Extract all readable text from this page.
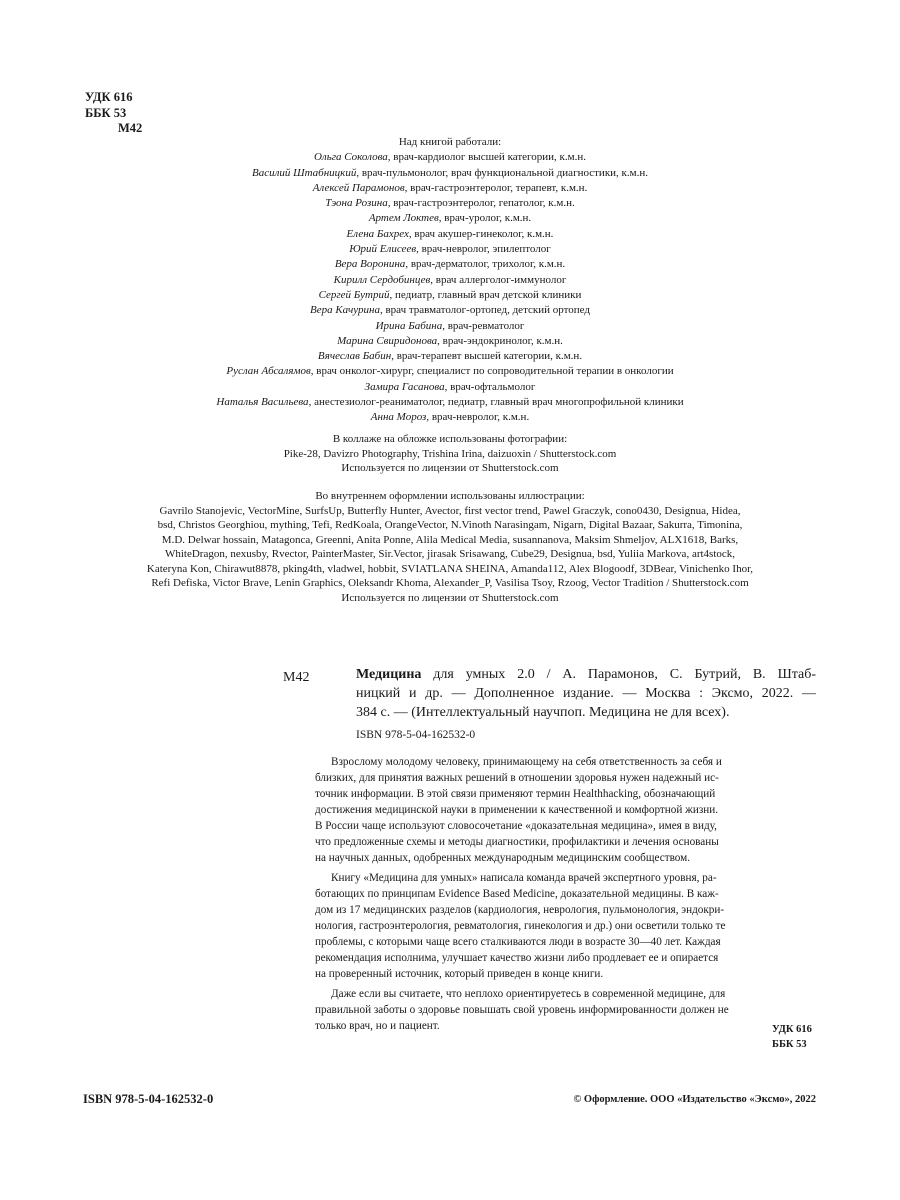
УДК 616
ББК 53
М42
Над книгой работали:
Ольга Соколова, врач-кардиолог высшей категории, к.м.н.
Василий Штабницкий, врач-пульмонолог, врач функциональной диагностики, к.м.н.
Алексей Парамонов, врач-гастроэнтеролог, терапевт, к.м.н.
Тэона Розина, врач-гастроэнтеролог, гепатолог, к.м.н.
Артем Локтев, врач-уролог, к.м.н.
Елена Бахрех, врач акушер-гинеколог, к.м.н.
Юрий Елисеев, врач-невролог, эпилептолог
Вера Воронина, врач-дерматолог, трихолог, к.м.н.
Кирилл Сердобинцев, врач аллерголог-иммунолог
Сергей Бутрий, педиатр, главный врач детской клиники
Вера Качурина, врач травматолог-ортопед, детский ортопед
Ирина Бабина, врач-ревматолог
Марина Свиридонова, врач-эндокринолог, к.м.н.
Вячеслав Бабин, врач-терапевт высшей категории, к.м.н.
Руслан Абсалямов, врач онколог-хирург, специалист по сопроводительной терапии в онкологии
Замира Гасанова, врач-офтальмолог
Наталья Васильева, анестезиолог-реаниматолог, педиатр, главный врач многопрофильной клиники
Анна Мороз, врач-невролог, к.м.н.
В коллаже на обложке использованы фотографии:
Pike-28, Davizro Photography, Trishina Irina, daizuoxin / Shutterstock.com
Используется по лицензии от Shutterstock.com
Во внутреннем оформлении использованы иллюстрации:
Gavrilo Stanojevic, VectorMine, SurfsUp, Butterfly Hunter, Avector, first vector trend, Pawel Graczyk, cono0430, Designua, Hidea,
bsd, Christos Georghiou, mything, Tefi, RedKoala, OrangeVector, N.Vinoth Narasingam, Nigarn, Digital Bazaar, Sakurra, Timonina,
M.D. Delwar hossain, Matagonca, Greenni, Anita Ponne, Alila Medical Media, susannanova, Maksim Shmeljov, ALX1618, Barks,
WhiteDragon, nexusby, Rvector, PainterMaster, Sir.Vector, jirasak Srisawang, Cube29, Designua, bsd, Yuliia Markova, art4stock,
Kateryna Kon, Chirawut8878, pking4th, vladwel, hobbit, SVIATLANA SHEINA, Amanda112, Alex Blogoodf, 3DBear, Vinichenko Ihor,
Refi Defiska, Victor Brave, Lenin Graphics, Oleksandr Khoma, Alexander_P, Vasilisa Tsoy, Rzoog, Vector Tradition / Shutterstock.com
Используется по лицензии от Shutterstock.com
М42	Медицина для умных 2.0 / А. Парамонов, С. Бутрий, В. Штаб-
ницкий и др. — Дополненное издание. — Москва : Эксмо, 2022. —
384 с. — (Интеллектуальный научпоп. Медицина не для всех).
ISBN 978-5-04-162532-0
Взрослому молодому человеку, принимающему на себя ответственность за себя и
близких, для принятия важных решений в отношении здоровья нужен надежный ис-
точник информации. В этой связи применяют термин Healthhacking, обозначающий
достижения медицинской науки в применении к качественной и комфортной жизни.
В России чаще используют словосочетание «доказательная медицина», имея в виду,
что предложенные схемы и методы диагностики, профилактики и лечения основаны
на научных данных, одобренных международным медицинским сообществом.
Книгу «Медицина для умных» написала команда врачей экспертного уровня, ра-
ботающих по принципам Evidence Based Medicine, доказательной медицины. В каж-
дом из 17 медицинских разделов (кардиология, неврология, пульмонология, эндокри-
нология, гастроэнтерология, ревматология, гинекология и др.) они осветили только те
проблемы, с которыми чаще всего сталкиваются люди в возрасте 30—40 лет. Каждая
рекомендация исполнима, улучшает качество жизни либо продлевает ее и опирается
на проверенный источник, который приведен в конце книги.
Даже если вы считаете, что неплохо ориентируетесь в современной медицине, для
правильной заботы о здоровье повышать свой уровень информированности должен не
только врач, но и пациент.	УДК 616
ББК 53
ISBN 978-5-04-162532-0	© Оформление. ООО «Издательство «Эксмо», 2022
